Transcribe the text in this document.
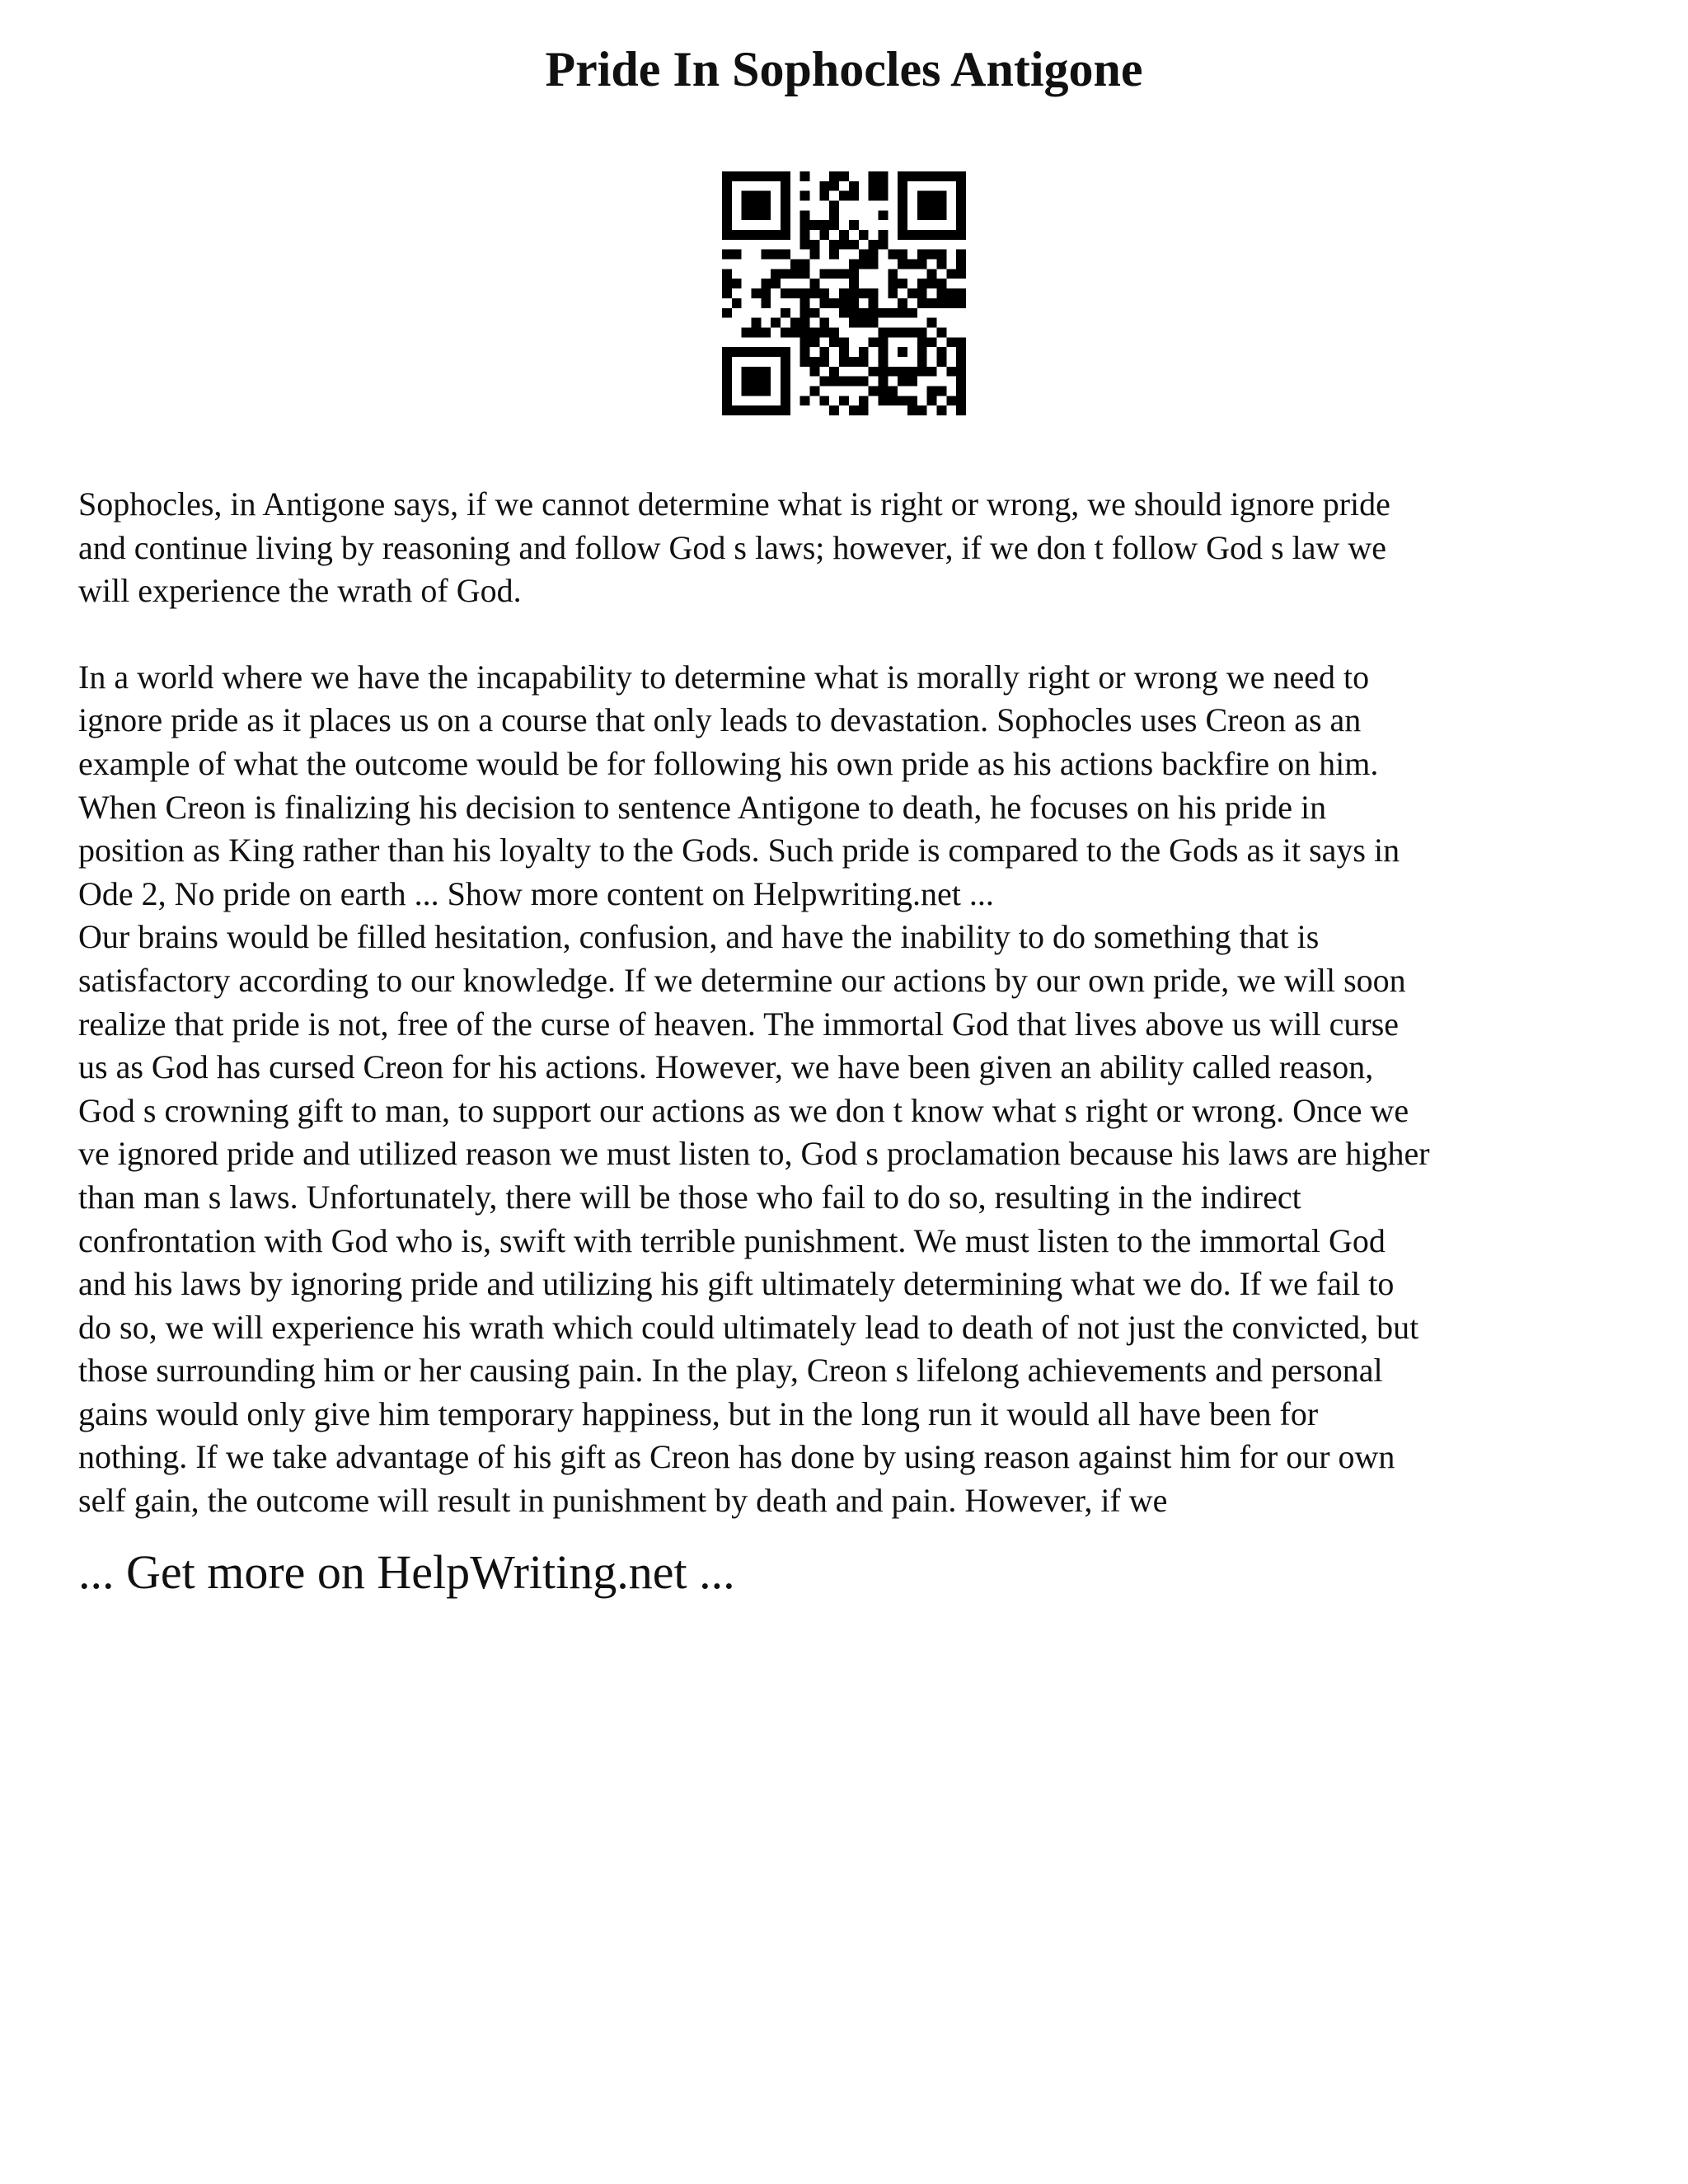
Pride In Sophocles Antigone

Sophocles, in Antigone says, if we cannot determine what is right or wrong, we should ignore pride
and continue living by reasoning and follow God s laws; however, if we don t follow God s law we
will experience the wrath of God.

In a world where we have the incapability to determine what is morally right or wrong we need to
ignore pride as it places us on a course that only leads to devastation. Sophocles uses Creon as an
example of what the outcome would be for following his own pride as his actions backfire on him.
When Creon is finalizing his decision to sentence Antigone to death, he focuses on his pride in
position as King rather than his loyalty to the Gods. Such pride is compared to the Gods as it says in
Ode 2, No pride on earth ... Show more content on Helpwriting.net ...

Our brains would be filled hesitation, confusion, and have the inability to do something that is
satisfactory according to our knowledge. If we determine our actions by our own pride, we will soon
realize that pride is not, free of the curse of heaven. The immortal God that lives above us will curse
us as God has cursed Creon for his actions. However, we have been given an ability called reason,
God s crowning gift to man, to support our actions as we don t know what s right or wrong. Once we
ve ignored pride and utilized reason we must listen to, God s proclamation because his laws are higher
than man s laws. Unfortunately, there will be those who fail to do so, resulting in the indirect
confrontation with God who is, swift with terrible punishment. We must listen to the immortal God
and his laws by ignoring pride and utilizing his gift ultimately determining what we do. If we fail to
do so, we will experience his wrath which could ultimately lead to death of not just the convicted, but
those surrounding him or her causing pain. In the play, Creon s lifelong achievements and personal
gains would only give him temporary happiness, but in the long run it would all have been for
nothing. If we take advantage of his gift as Creon has done by using reason against him for our own
self gain, the outcome will result in punishment by death and pain. However, if we

... Get more on HelpWriting.net ...
